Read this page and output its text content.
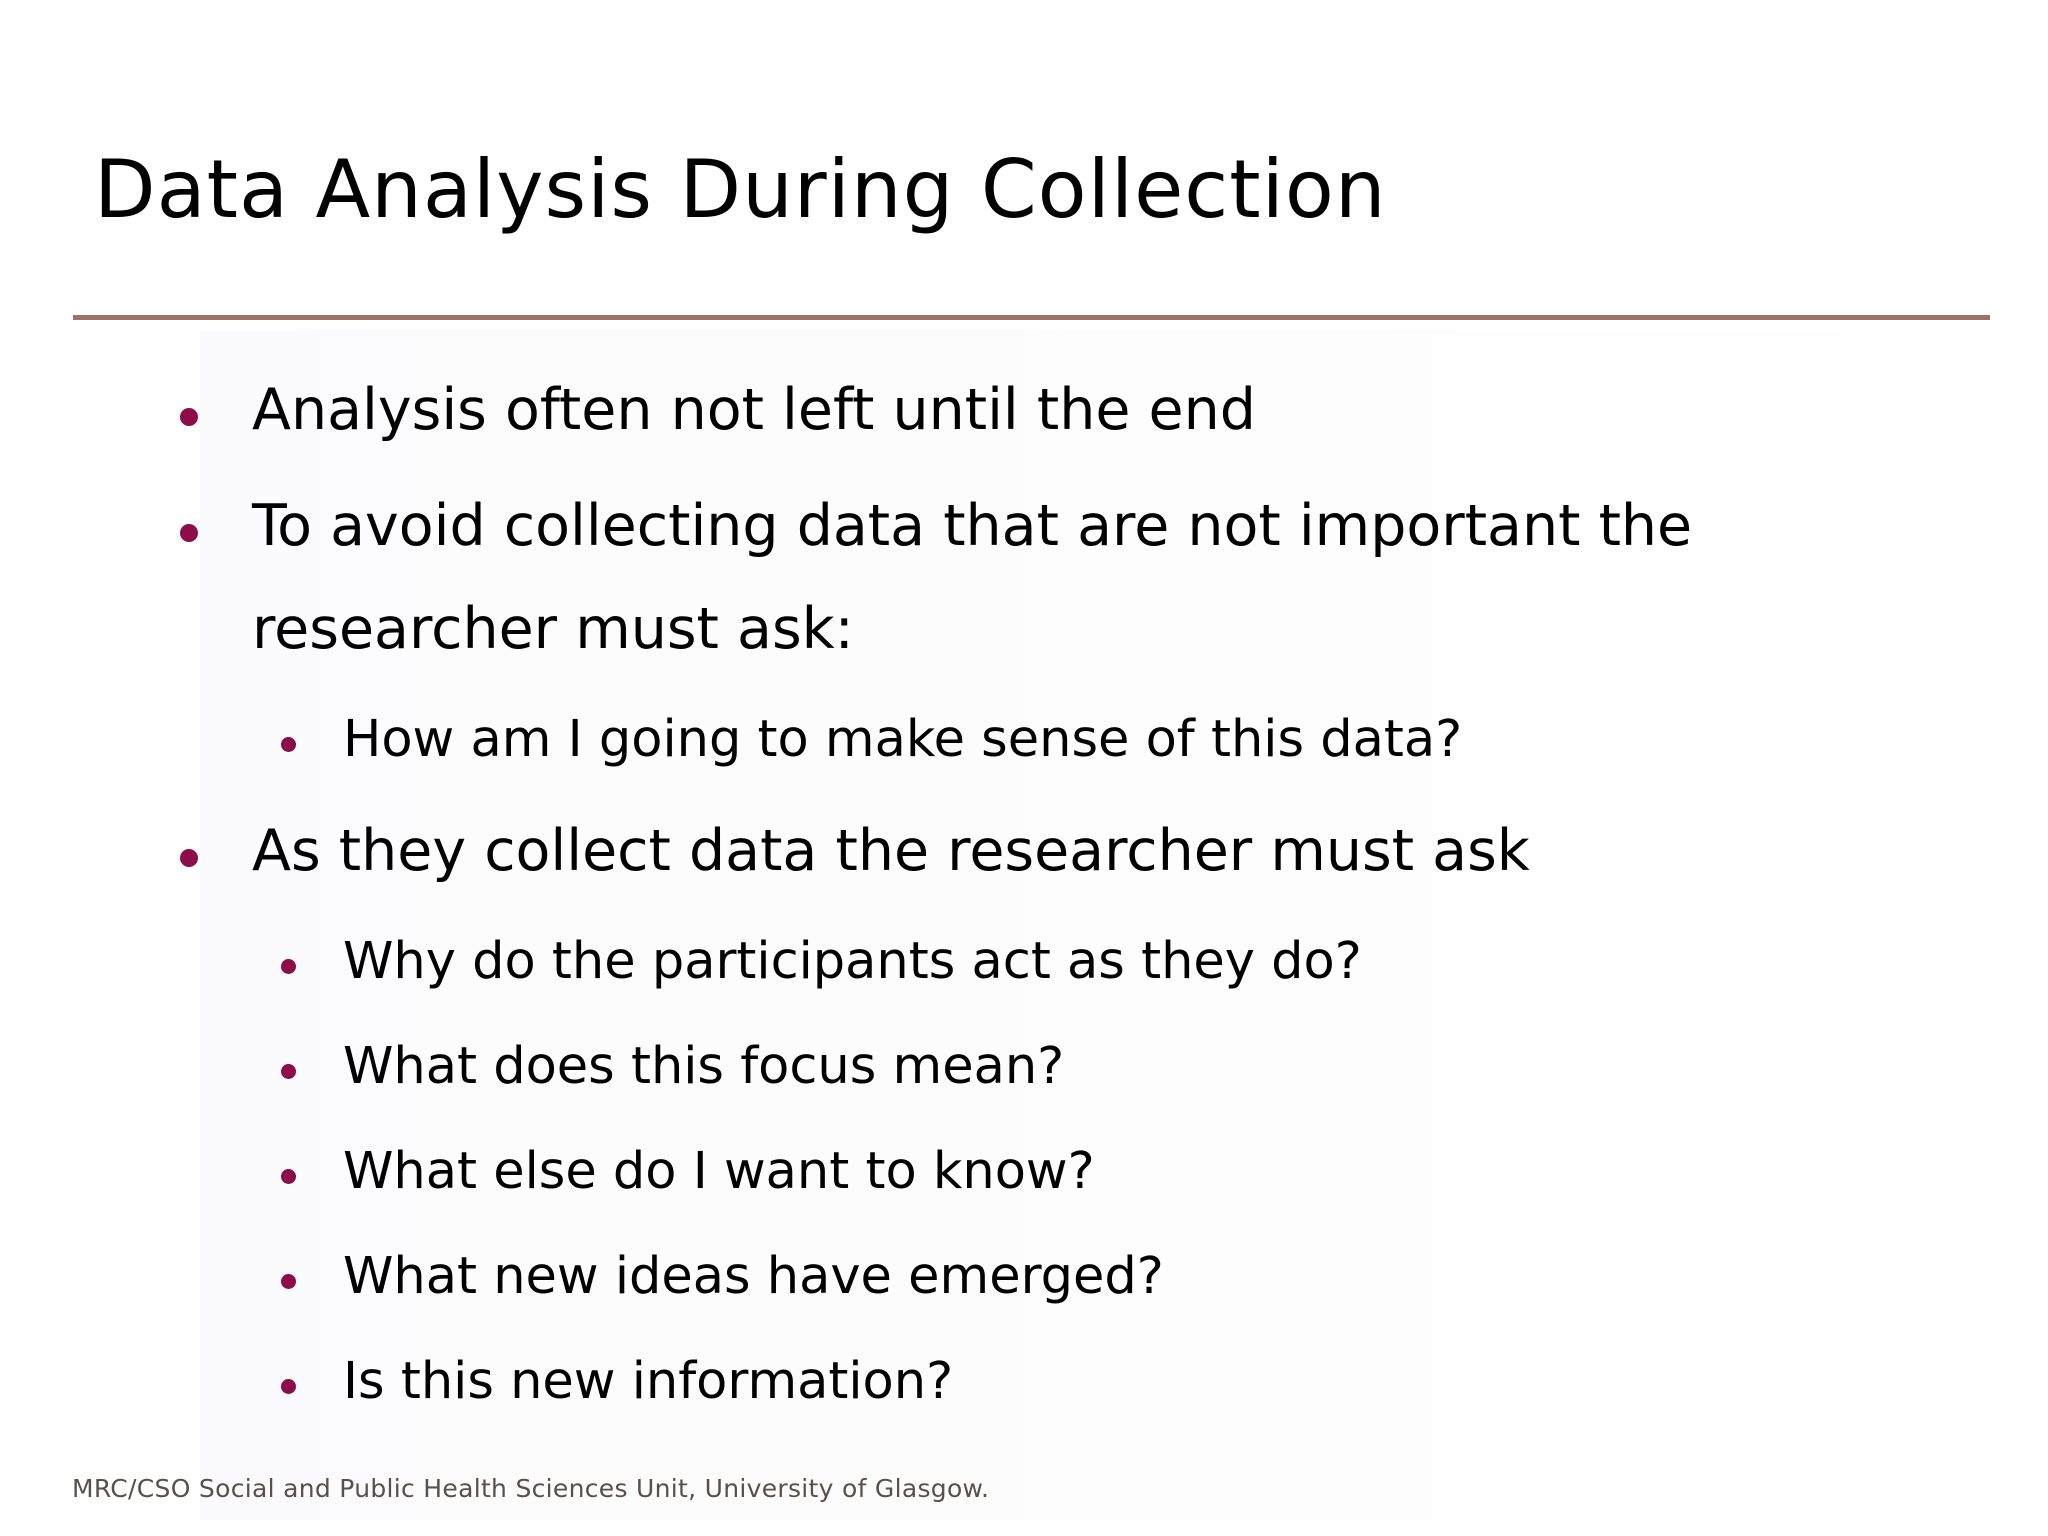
Data Analysis During Collection
Analysis often not left until the end
To avoid collecting data that are not important the
researcher must ask:
How am I going to make sense of this data?
As they collect data the researcher must ask
Why do the participants act as they do?
What does this focus mean?
What else do I want to know?
What new ideas have emerged?
Is this new information?
MRC/CSO Social and Public Health Sciences Unit, University of Glasgow.
